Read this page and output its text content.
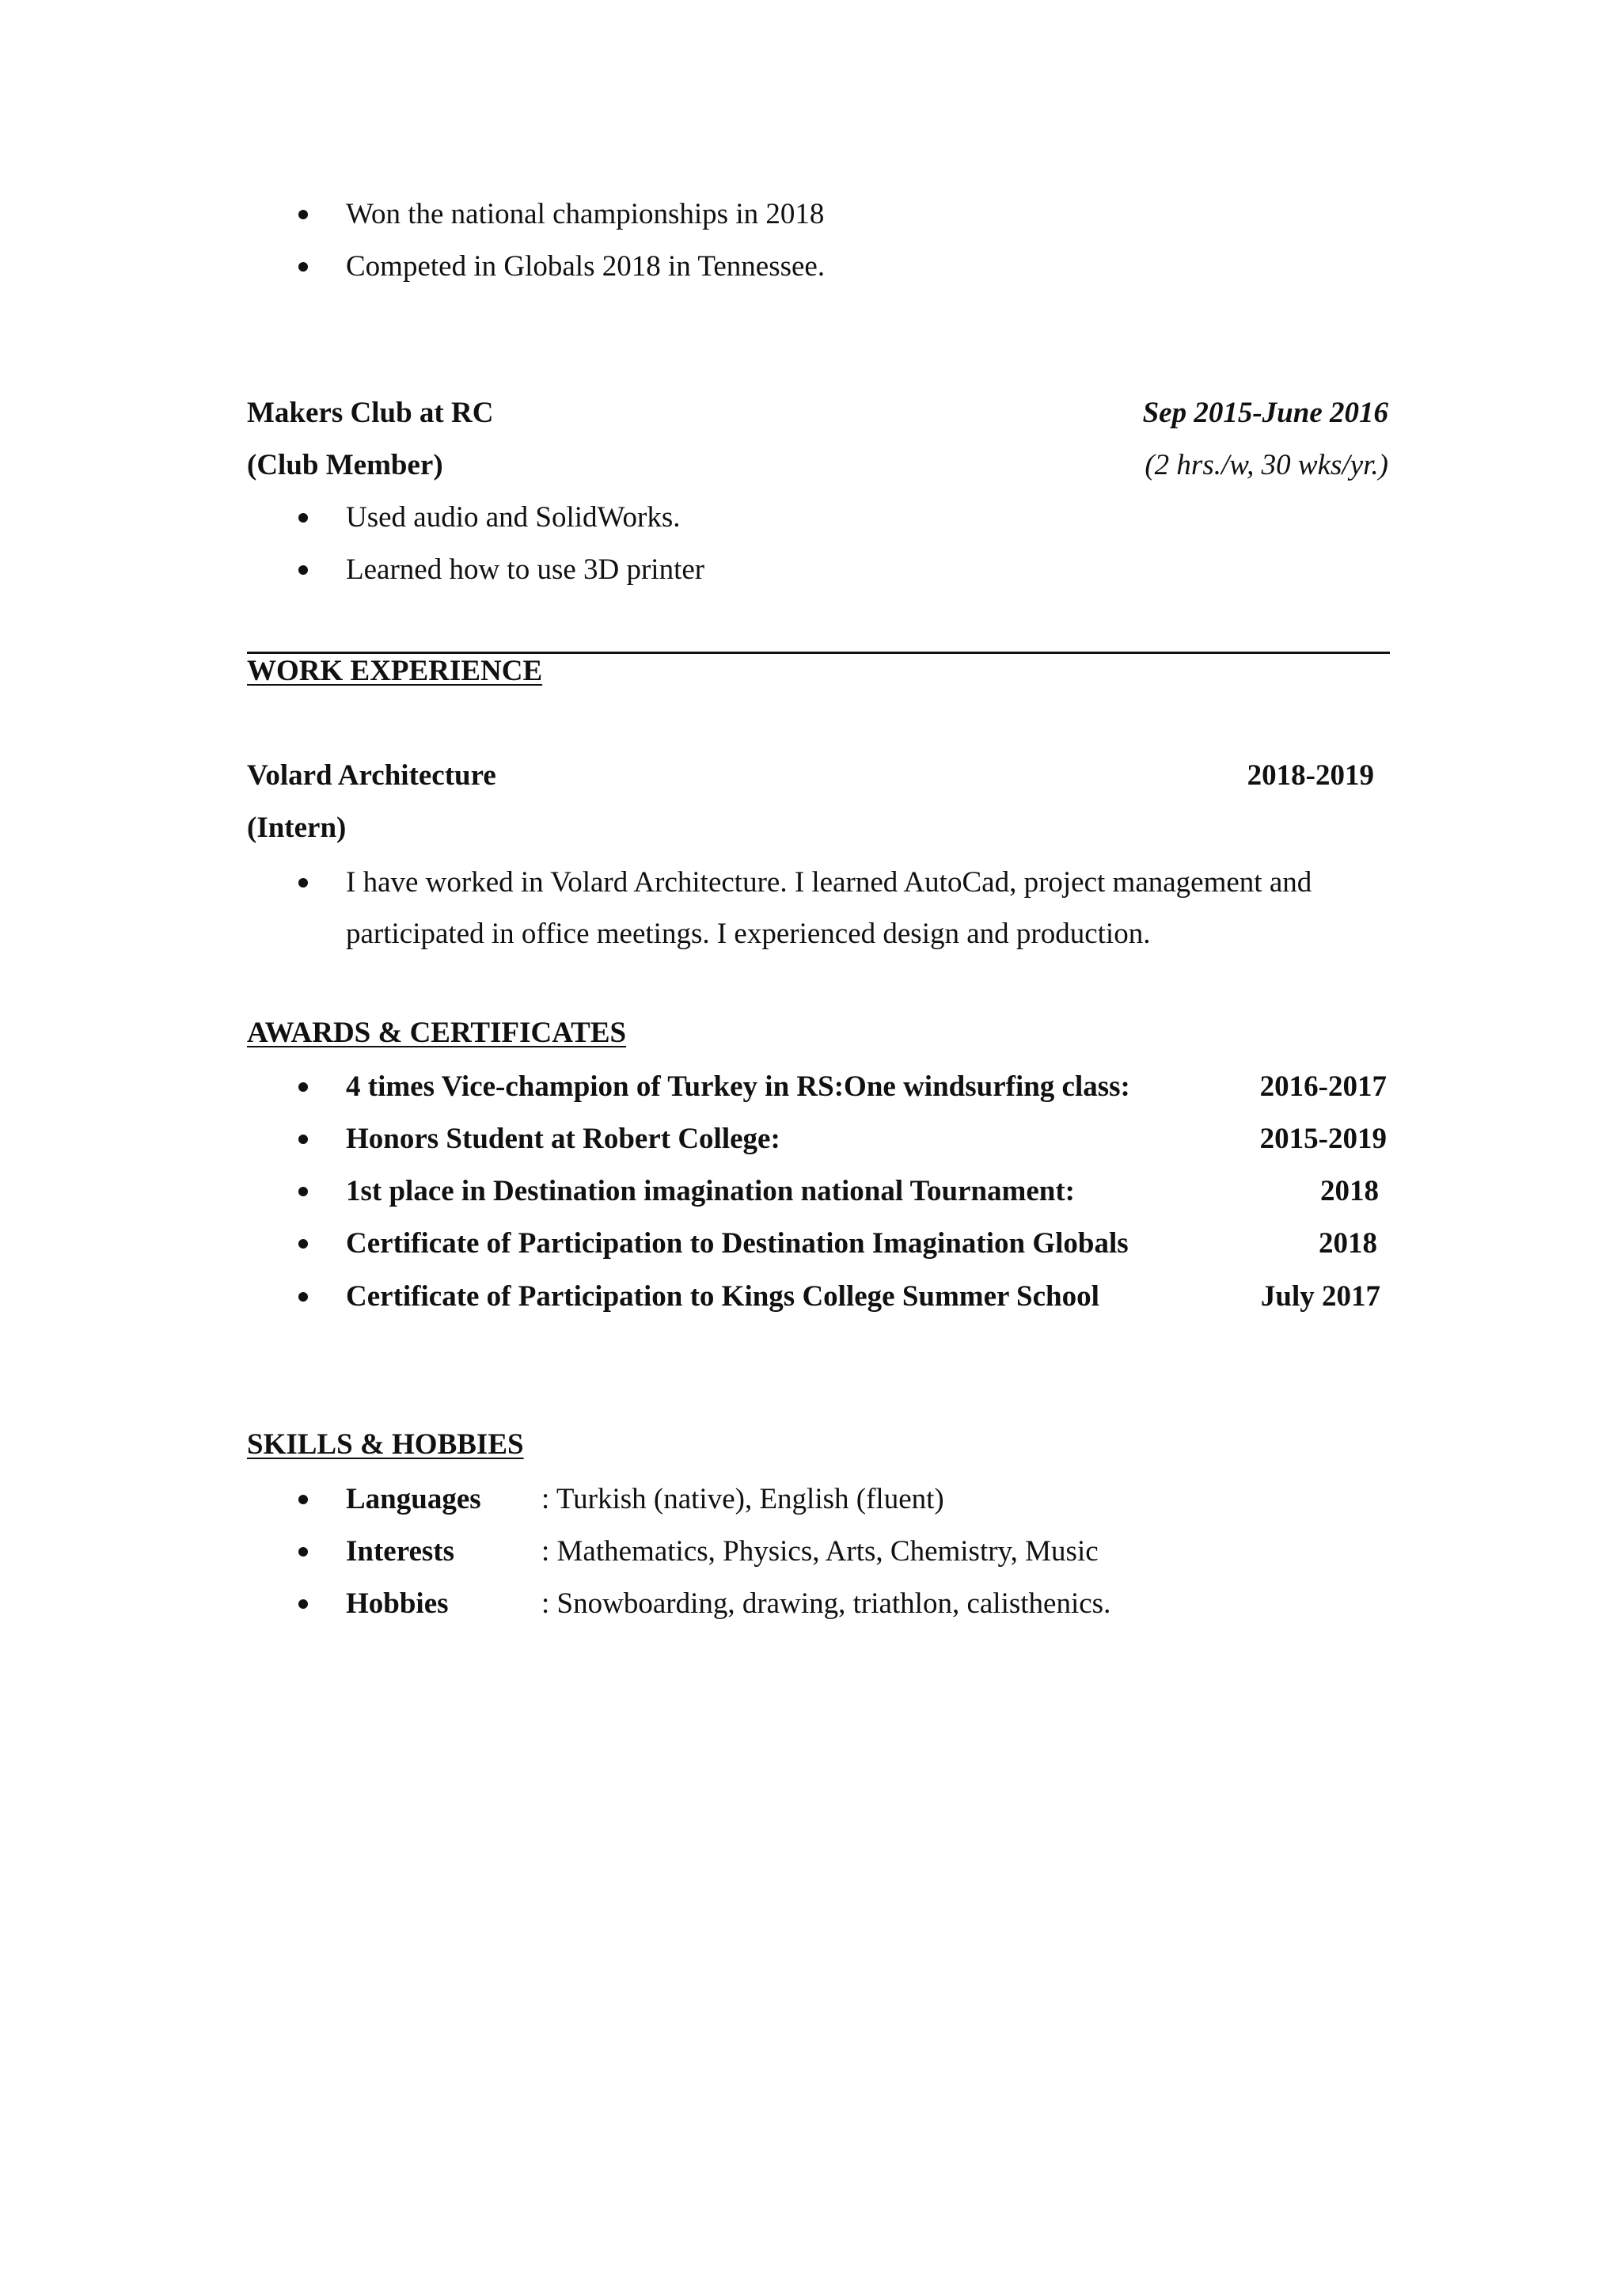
Won the national championships in 2018
Competed in Globals 2018 in Tennessee.
Makers Club at RC	Sep 2015-June 2016
(Club Member)	(2 hrs./w, 30 wks/yr.)
Used audio and SolidWorks.
Learned how to use 3D printer
WORK EXPERIENCE
Volard Architecture	2018-2019
(Intern)
I have worked in Volard Architecture. I learned AutoCad, project management and
participated in office meetings. I experienced design and production.
AWARDS & CERTIFICATES
4 times Vice-champion of Turkey in RS:One windsurfing class:	2016-2017
Honors Student at Robert College:	2015-2019
1st place in Destination imagination national Tournament:	2018
Certificate of Participation to Destination Imagination Globals	2018
Certificate of Participation to Kings College Summer School	July 2017
SKILLS & HOBBIES
Languages : Turkish (native), English (fluent)
Interests	: Mathematics, Physics, Arts, Chemistry, Music
Hobbies	: Snowboarding, drawing, triathlon, calisthenics.
